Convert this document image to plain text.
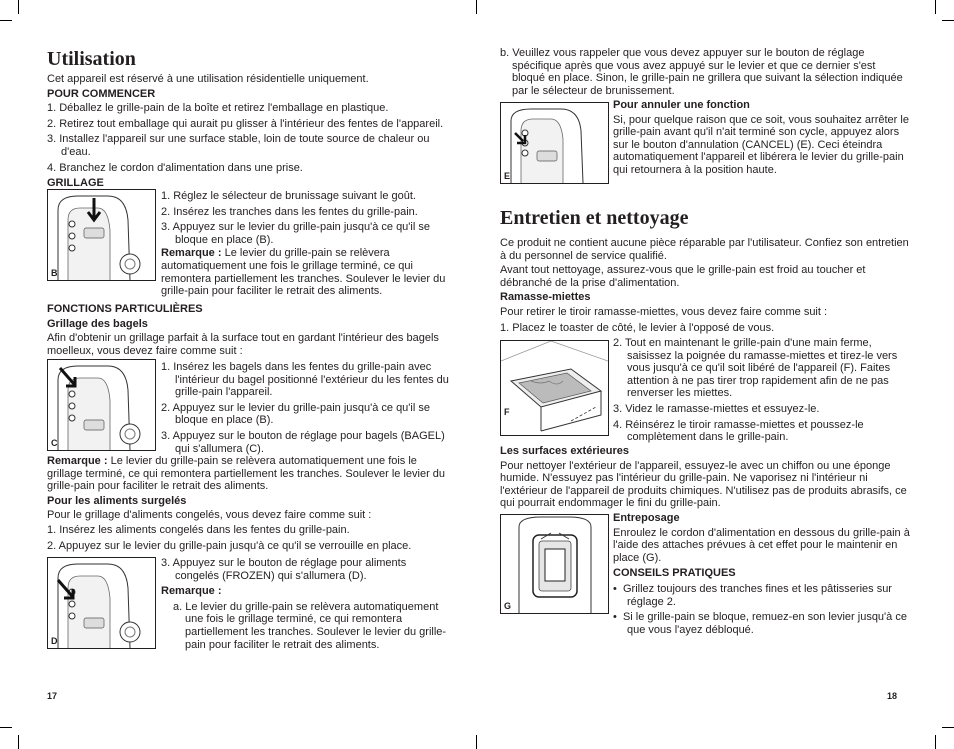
Utilisation

Cet appareil est réservé à une utilisation résidentielle uniquement.

POUR COMMENCER

1. Déballez le grille-pain de la boîte et retirez l'emballage en plastique.
2. Retirez tout emballage qui aurait pu glisser à l'intérieur des fentes de l'appareil.
3. Installez l'appareil sur une surface stable, loin de toute source de chaleur ou d'eau.
4. Branchez le cordon d'alimentation dans une prise.

GRILLAGE

B
1. Réglez le sélecteur de brunissage suivant le goût.
2. Insérez les tranches dans les fentes du grille-pain.
3. Appuyez sur le levier du grille-pain jusqu'à ce qu'il se bloque en place (B).

Remarque : Le levier du grille-pain se relèvera automatiquement une fois le grillage terminé, ce qui remontera partiellement les tranches. Soulever le levier du grille-pain pour faciliter le retrait des aliments.

FONCTIONS PARTICULIÈRES

Grillage des bagels

Afin d'obtenir un grillage parfait à la surface tout en gardant l'intérieur des bagels moelleux, vous devez faire comme suit :

C
1. Insérez les bagels dans les fentes du grille-pain avec l'intérieur du bagel positionné l'extérieur du les fentes du grille-pain l'appareil.
2. Appuyez sur le levier du grille-pain jusqu'à ce qu'il se bloque en place (B).
3. Appuyez sur le bouton de réglage pour bagels (BAGEL) qui s'allumera (C).

Remarque : Le levier du grille-pain se relèvera automatiquement une fois le grillage terminé, ce qui remontera partiellement les tranches. Soulever le levier du grille-pain pour faciliter le retrait des aliments.

Pour les aliments surgelés

Pour le grillage d'aliments congelés, vous devez faire comme suit :

1. Insérez les aliments congelés dans les fentes du grille-pain.
2. Appuyez sur le levier du grille-pain jusqu'à ce qu'il se verrouille en place.
D
3. Appuyez sur le bouton de réglage pour aliments congelés (FROZEN) qui s'allumera (D).

Remarque :

a. Le levier du grille-pain se relèvera automatiquement une fois le grillage terminé, ce qui remontera partiellement les tranches. Soulever le levier du grille-pain pour faciliter le retrait des aliments.

17

b. Veuillez vous rappeler que vous devez appuyer sur le bouton de réglage spécifique après que vous avez appuyé sur le levier et que ce dernier s'est bloqué en place. Sinon, le grille-pain ne grillera que suivant la sélection indiquée par le sélecteur de brunissement.

E

Pour annuler une fonction

Si, pour quelque raison que ce soit, vous souhaitez arrêter le grille-pain avant qu'il n'ait terminé son cycle, appuyez alors sur le bouton d'annulation (CANCEL) (E). Ceci éteindra automatiquement l'appareil et libérera le levier du grille-pain qui retournera à la position haute.

Entretien et nettoyage

Ce produit ne contient aucune pièce réparable par l'utilisateur. Confiez son entretien à du personnel de service qualifié.

Avant tout nettoyage, assurez-vous que le grille-pain est froid au toucher et débranché de la prise d'alimentation.

Ramasse-miettes

Pour retirer le tiroir ramasse-miettes, vous devez faire comme suit :

1. Placez le toaster de côté, le levier à l'opposé de vous.

F
2. Tout en maintenant le grille-pain d'une main ferme, saisissez la poignée du ramasse-miettes et tirez-le vers vous jusqu'à ce qu'il soit libéré de l'appareil (F). Faites attention à ne pas tirer trop rapidement afin de ne pas renverser les miettes.
3. Videz le ramasse-miettes et essuyez-le.
4. Réinsérez le tiroir ramasse-miettes et poussez-le complètement dans le grille-pain.

Les surfaces extérieures

Pour nettoyer l'extérieur de l'appareil, essuyez-le avec un chiffon ou une éponge humide. N'essuyez pas l'intérieur du grille-pain. Ne vaporisez ni l'intérieur ni l'extérieur de l'appareil de produits chimiques. N'utilisez pas de produits abrasifs, ce qui pourrait endommager le fini du grille-pain.

G

Entreposage

Enroulez le cordon d'alimentation en dessous du grille-pain à l'aide des attaches prévues à cet effet pour le maintenir en place (G).

CONSEILS PRATIQUES

•  Grillez toujours des tranches fines et les pâtisseries sur réglage 2.
•  Si le grille-pain se bloque, remuez-en son levier jusqu'à ce que vous l'ayez débloqué.
18
